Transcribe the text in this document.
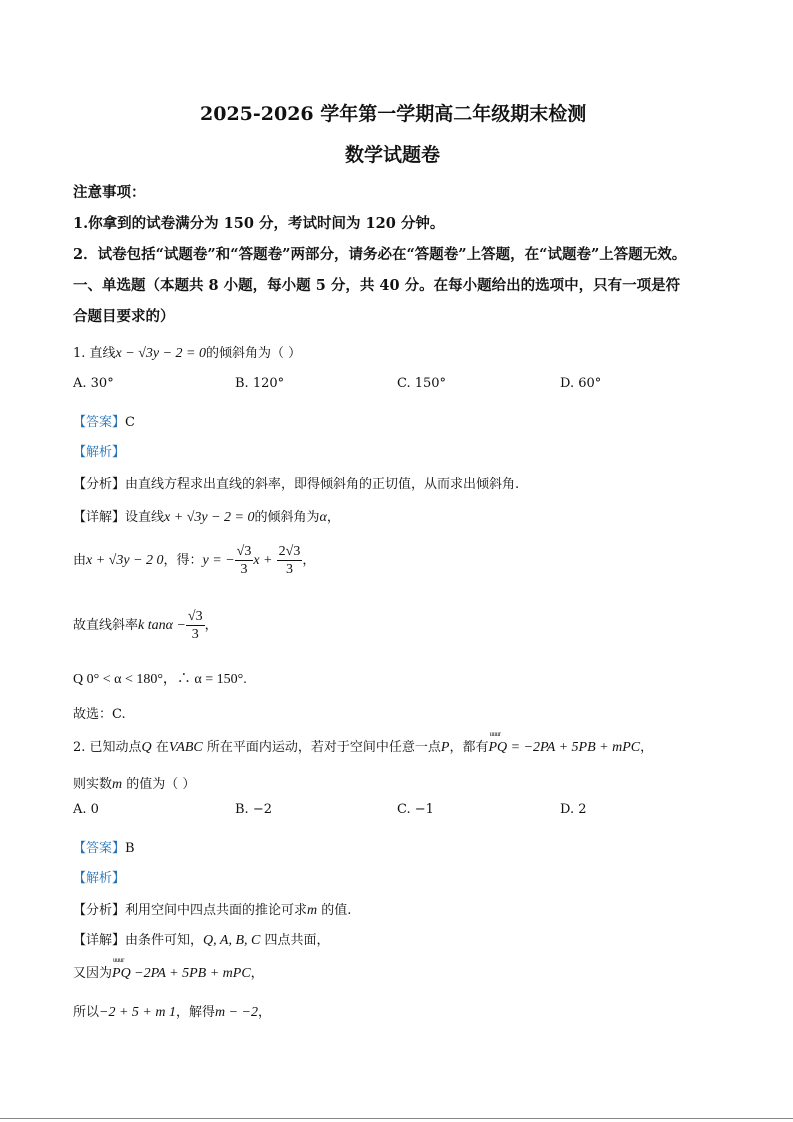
2025-2026 学年第一学期高二年级期末检测
数学试题卷
注意事项：
1.你拿到的试卷满分为 150 分，考试时间为 120 分钟。
2．试卷包括“试题卷”和“答题卷”两部分，请务必在“答题卷”上答题，在“试题卷”上答题无效。
一、单选题（本题共 8 小题，每小题 5 分，共 40 分。在每小题给出的选项中，只有一项是符
合题目要求的）
1. 直线x − √3y − 2 = 0的倾斜角为（ ）
A. 30°	B. 120°	C. 150°	D. 60°
【答案】C
【解析】
【分析】由直线方程求出直线的斜率，即得倾斜角的正切值，从而求出倾斜角.
【详解】设直线x + √3y − 2 = 0的倾斜角为α，
由x + √3y − 2 0，得：y = − $\frac{√3}{3}$ $x + \frac{2√3}{3}$ ，
故直线斜率k $\tan\alpha - \frac{√3}{3}$ ，
Q 0° < α < 180°，∴ α = 150°.
故选：C.
2. 已知动点Q 在VABC 所在平面内运动，若对于空间中任意一点P，都有uuur PQ = −2PA + 5PB + mPC，
则实数m 的值为（ ）
A. 0	B. −2	C. −1	D. 2
【答案】B
【解析】
【分析】利用空间中四点共面的推论可求m 的值.
【详解】由条件可知，Q, A, B, C 四点共面，
又因为uuur PQ −2PA + 5PB + mPC，
所以−2 + 5 + m 1，解得m − −2，
